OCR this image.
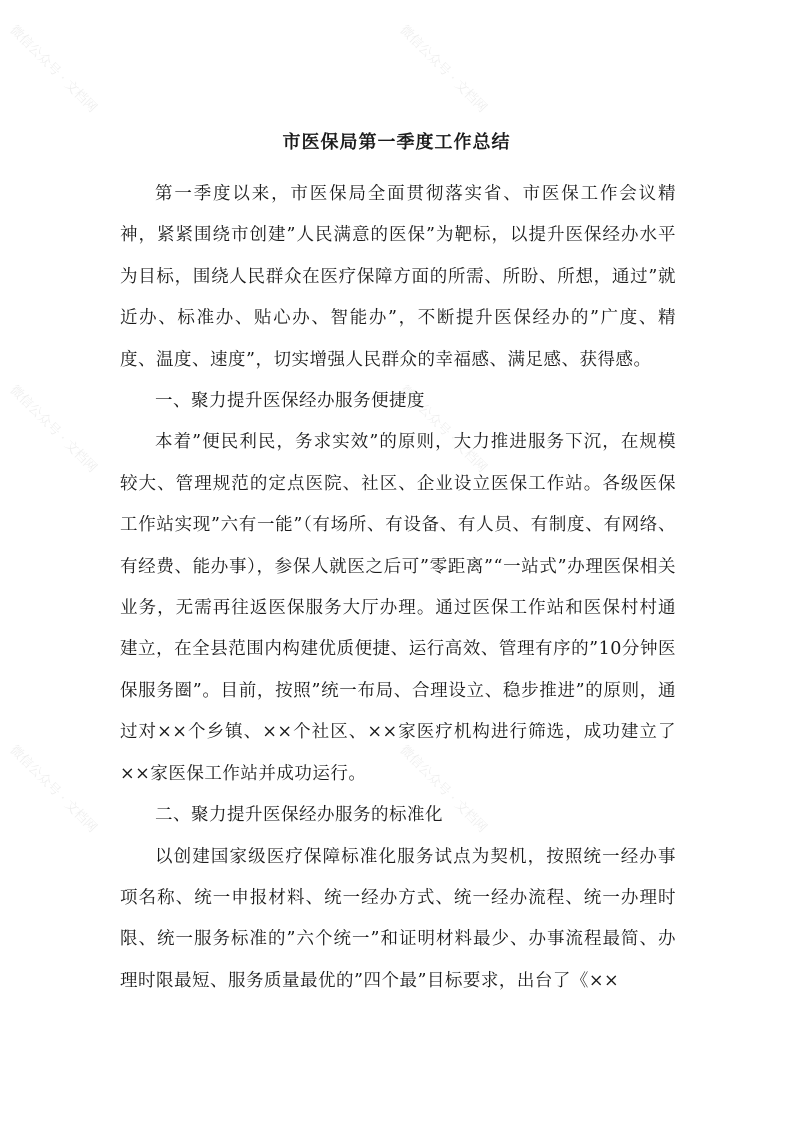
微信公众号 · 文档网	微信公众号 · 文档网
微信公众号 · 文档网	微信公众号 · 文档网
微信公众号 · 文档网	微信公众号 · 文档网
市医保局第一季度工作总结

第一季度以来，市医保局全面贯彻落实省、市医保工作会议精神，紧紧围绕市创建”人民满意的医保”为靶标，以提升医保经办水平为目标，围绕人民群众在医疗保障方面的所需、所盼、所想，通过”就近办、标准办、贴心办、智能办”，不断提升医保经办的”广度、精度、温度、速度”，切实增强人民群众的幸福感、满足感、获得感。

一、聚力提升医保经办服务便捷度

本着”便民利民，务求实效”的原则，大力推进服务下沉，在规模较大、管理规范的定点医院、社区、企业设立医保工作站。各级医保工作站实现”六有一能”（有场所、有设备、有人员、有制度、有网络、有经费、能办事），参保人就医之后可”零距离”“一站式”办理医保相关业务，无需再往返医保服务大厅办理。通过医保工作站和医保村村通建立，在全县范围内构建优质便捷、运行高效、管理有序的”10分钟医保服务圈”。目前，按照”统一布局、合理设立、稳步推进”的原则，通过对××个乡镇、××个社区、××家医疗机构进行筛选，成功建立了××家医保工作站并成功运行。

二、聚力提升医保经办服务的标准化

以创建国家级医疗保障标准化服务试点为契机，按照统一经办事项名称、统一申报材料、统一经办方式、统一经办流程、统一办理时限、统一服务标准的”六个统一”和证明材料最少、办事流程最简、办理时限最短、服务质量最优的”四个最”目标要求，出台了《××
